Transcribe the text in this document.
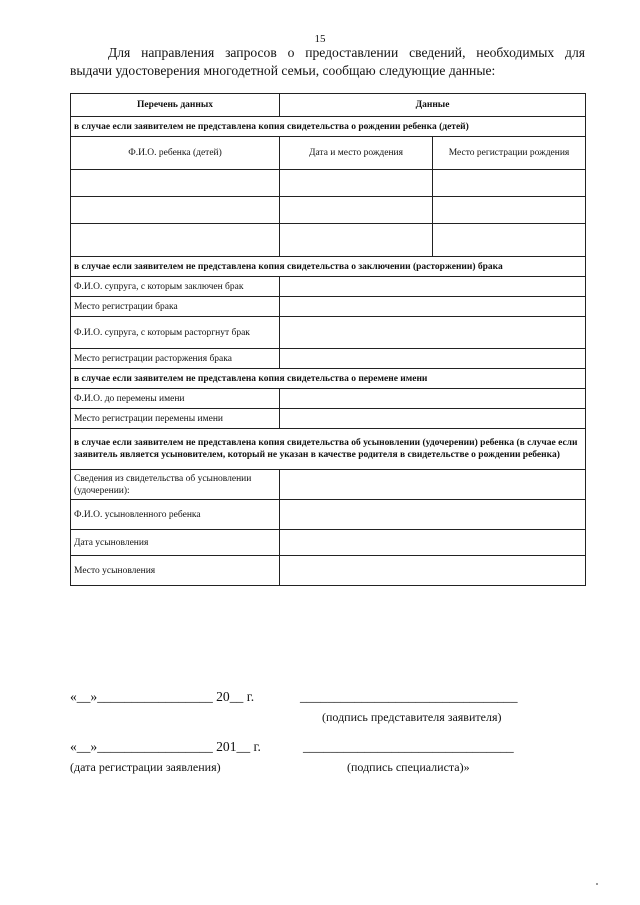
15
Для направления запросов о предоставлении сведений, необходимых для
выдачи удостоверения многодетной семьи, сообщаю следующие данные:
Перечень данных	Данные	
в случае если заявителем не представлена копия свидетельства о рождении ребенка (детей)		
Ф.И.О. ребенка (детей)	Дата и место рождения	Место регистрации рождения

в случае если заявителем не представлена копия свидетельства о заключении (расторжении) брака		
Ф.И.О. супруга, с которым заключен брак		
Место регистрации брака		
Ф.И.О. супруга, с которым расторгнут брак		
Место регистрации расторжения брака		
в случае если заявителем не представлена копия свидетельства о перемене имени		
Ф.И.О. до перемены имени		
Место регистрации перемены имени		
в случае если заявителем не представлена копия свидетельства об усыновлении (удочерении) ребенка (в случае если заявитель является усыновителем, который не указан в качестве родителя в свидетельстве о рождении ребенка)		
Сведения из свидетельства об усыновлении (удочерении):		
Ф.И.О. усыновленного ребенка		
Дата усыновления		
Место усыновления		
«__»_________________ 20__ г.	________________________________
(подпись представителя заявителя)
«__»_________________ 201__ г.	_______________________________
(дата регистрации заявления)	(подпись специалиста)»
